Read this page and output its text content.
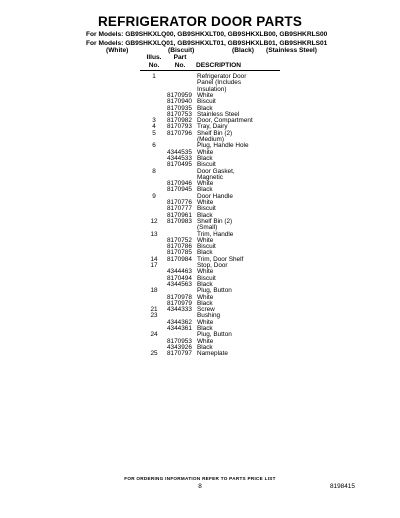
REFRIGERATOR DOOR PARTS
For Models: GB9SHKXLQ00, GB9SHKXLT00, GB9SHKXLB00, GB9SHKRLS00
For Models: GB9SHKXLQ01, GB9SHKXLT01, GB9SHKXLB01, GB9SHKRLS01
(White)	(Biscuit)	(Black) (Stainless Steel)
Illus.
No.
Part
No.	DESCRIPTION
1	Refrigerator Door
Panel (Includes
Insulation)
8170959 White
8170940 Biscuit
8170935 Black
8170753 Stainless Steel
3	8170982 Door, Compartment
4	8170793 Tray, Dairy
5	8170796 Shelf Bin (2)
(Medium)
6	Plug, Handle Hole
4344535 White
4344533 Black
8170495 Biscuit
8	Door Gasket,
Magnetic
8170946 White
8170945 Black
9	Door Handle
8170776 White
8170777 Biscuit
8170961 Black
12	8170983 Shelf Bin (2)
(Small)
13	Trim, Handle
8170752 White
8170786 Biscuit
8170785 Black
14	8170984 Trim, Door Shelf
17	Stop, Door
4344463 White
8170494 Biscuit
4344563 Black
18	Plug, Button
8170978 White
8170979 Black
21	4344333 Screw
23	Bushing
4344362 White
4344361 Black
24	Plug, Button
8170953 White
4343926 Black
25	8170797 Nameplate
FOR ORDERING INFORMATION REFER TO PARTS PRICE LIST
8	8198415
